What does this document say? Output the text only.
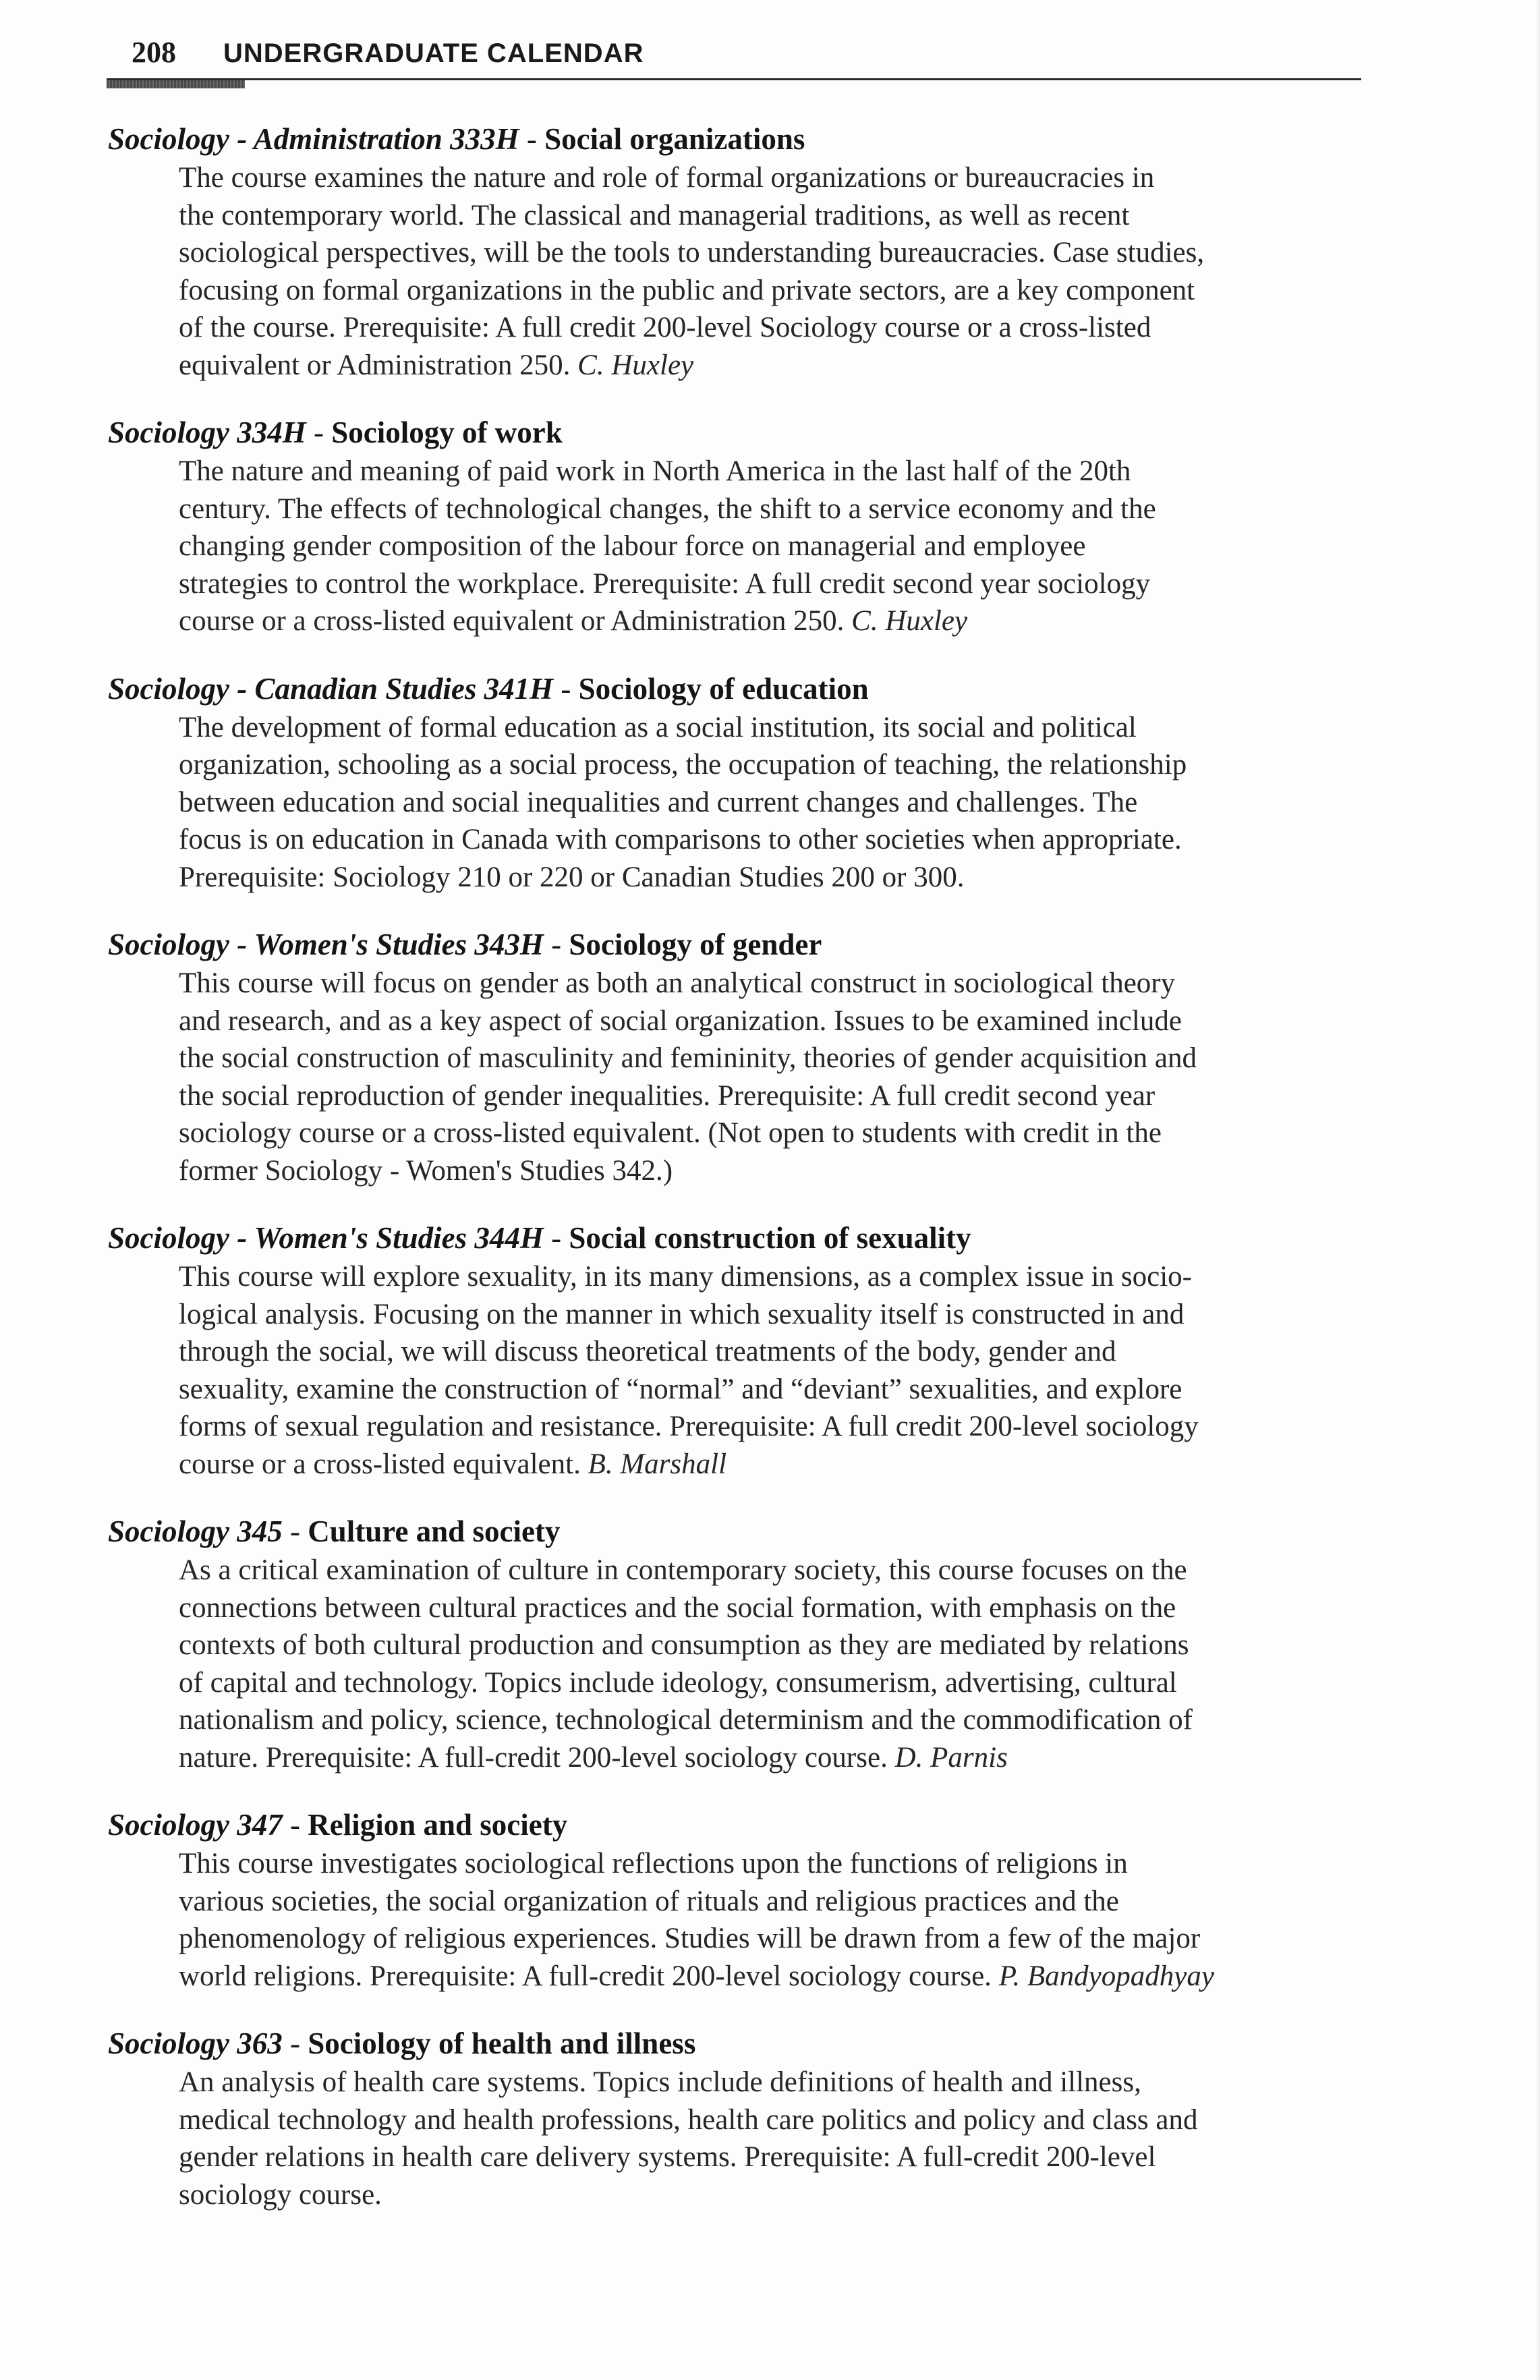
208 UNDERGRADUATE CALENDAR
Sociology - Administration 333H - Social organizations
The course examines the nature and role of formal organizations or bureaucracies in
the contemporary world. The classical and managerial traditions, as well as recent
sociological perspectives, will be the tools to understanding bureaucracies. Case studies,
focusing on formal organizations in the public and private sectors, are a key component
of the course. Prerequisite: A full credit 200-level Sociology course or a cross-listed
equivalent or Administration 250. C. Huxley
Sociology 334H - Sociology of work
The nature and meaning of paid work in North America in the last half of the 20th
century. The effects of technological changes, the shift to a service economy and the
changing gender composition of the labour force on managerial and employee
strategies to control the workplace. Prerequisite: A full credit second year sociology
course or a cross-listed equivalent or Administration 250. C. Huxley
Sociology - Canadian Studies 341H - Sociology of education
The development of formal education as a social institution, its social and political
organization, schooling as a social process, the occupation of teaching, the relationship
between education and social inequalities and current changes and challenges. The
focus is on education in Canada with comparisons to other societies when appropriate.
Prerequisite: Sociology 210 or 220 or Canadian Studies 200 or 300.
Sociology - Women's Studies 343H - Sociology of gender
This course will focus on gender as both an analytical construct in sociological theory
and research, and as a key aspect of social organization. Issues to be examined include
the social construction of masculinity and femininity, theories of gender acquisition and
the social reproduction of gender inequalities. Prerequisite: A full credit second year
sociology course or a cross-listed equivalent. (Not open to students with credit in the
former Sociology - Women's Studies 342.)
Sociology - Women's Studies 344H - Social construction of sexuality
This course will explore sexuality, in its many dimensions, as a complex issue in socio-
logical analysis. Focusing on the manner in which sexuality itself is constructed in and
through the social, we will discuss theoretical treatments of the body, gender and
sexuality, examine the construction of “normal” and “deviant” sexualities, and explore
forms of sexual regulation and resistance. Prerequisite: A full credit 200-level sociology
course or a cross-listed equivalent. B. Marshall
Sociology 345 - Culture and society
As a critical examination of culture in contemporary society, this course focuses on the
connections between cultural practices and the social formation, with emphasis on the
contexts of both cultural production and consumption as they are mediated by relations
of capital and technology. Topics include ideology, consumerism, advertising, cultural
nationalism and policy, science, technological determinism and the commodification of
nature. Prerequisite: A full-credit 200-level sociology course. D. Parnis
Sociology 347 - Religion and society
This course investigates sociological reflections upon the functions of religions in
various societies, the social organization of rituals and religious practices and the
phenomenology of religious experiences. Studies will be drawn from a few of the major
world religions. Prerequisite: A full-credit 200-level sociology course. P. Bandyopadhyay
Sociology 363 - Sociology of health and illness
An analysis of health care systems. Topics include definitions of health and illness,
medical technology and health professions, health care politics and policy and class and
gender relations in health care delivery systems. Prerequisite: A full-credit 200-level
sociology course.
